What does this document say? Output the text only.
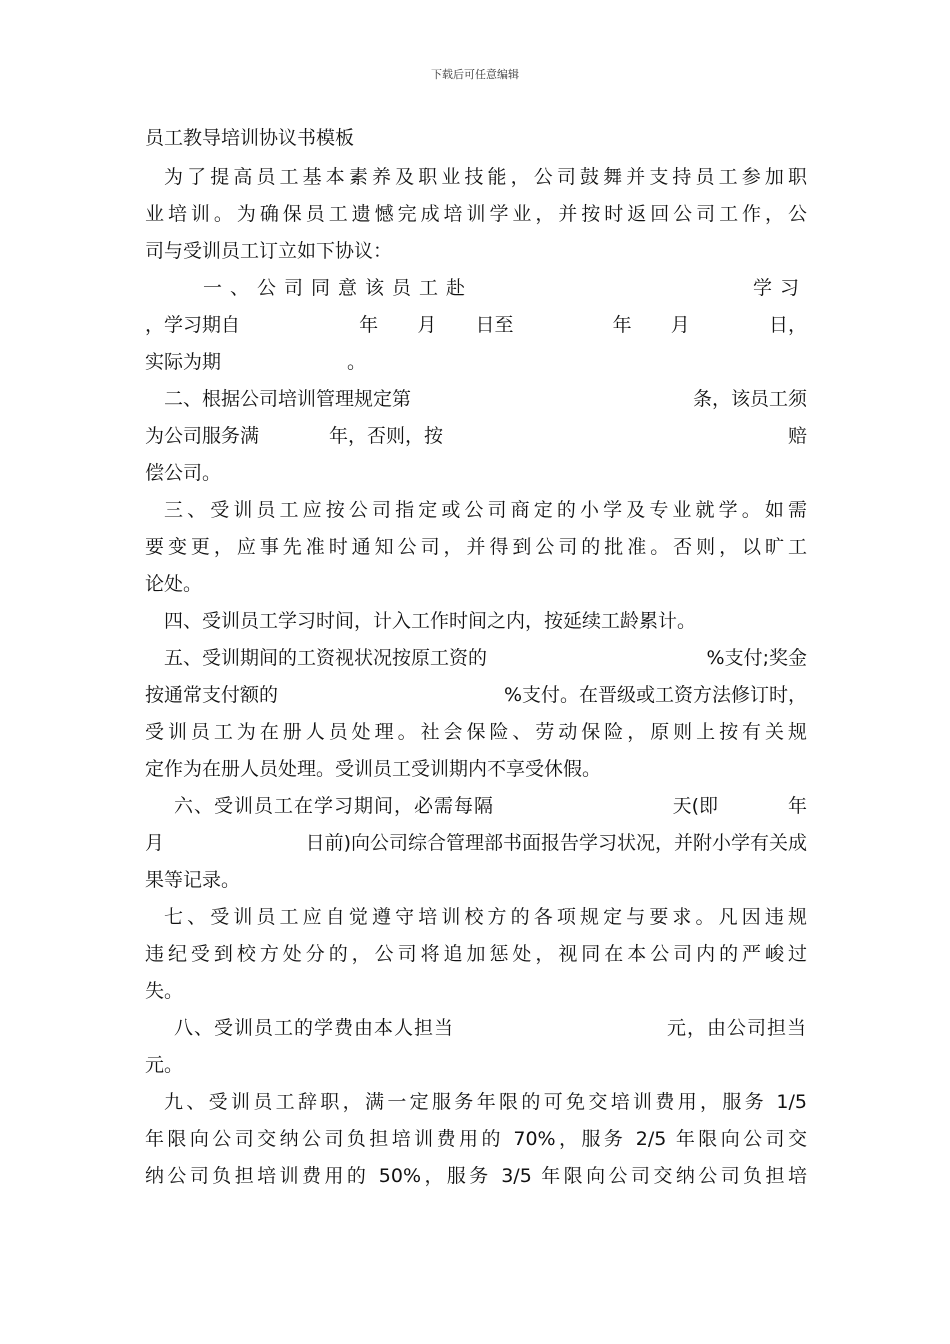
下载后可任意编辑
员工教导培训协议书模板
为了提高员工基本素养及职业技能，公司鼓舞并支持员工参加职
业培训。为确保员工遗憾完成培训学业，并按时返回公司工作，公
司与受训员工订立如下协议：
一、公司同意该员工赴	学习
，学习期自	年 月 日至	年 月	日，
实际为期	。
二、根据公司培训管理规定第	条，该员工须
为公司服务满	年，否则，按	赔
偿公司。
三、受训员工应按公司指定或公司商定的小学及专业就学。如需
要变更，应事先准时通知公司，并得到公司的批准。否则，以旷工
论处。
四、受训员工学习时间，计入工作时间之内，按延续工龄累计。
五、受训期间的工资视状况按原工资的	%支付;奖金
按通常支付额的	%支付。在晋级或工资方法修订时，
受训员工为在册人员处理。社会保险、劳动保险，原则上按有关规
定作为在册人员处理。受训员工受训期内不享受休假。
六、受训员工在学习期间，必需每隔	天(即	年
月	日前)向公司综合管理部书面报告学习状况，并附小学有关成
果等记录。
七、受训员工应自觉遵守培训校方的各项规定与要求。凡因违规
违纪受到校方处分的，公司将追加惩处，视同在本公司内的严峻过
失。
八、受训员工的学费由本人担当	元，由公司担当
元。
九、受训员工辞职，满一定服务年限的可免交培训费用，服务 1/5
年限向公司交纳公司负担培训费用的 70%，服务 2/5 年限向公司交
纳公司负担培训费用的 50%，服务 3/5 年限向公司交纳公司负担培
